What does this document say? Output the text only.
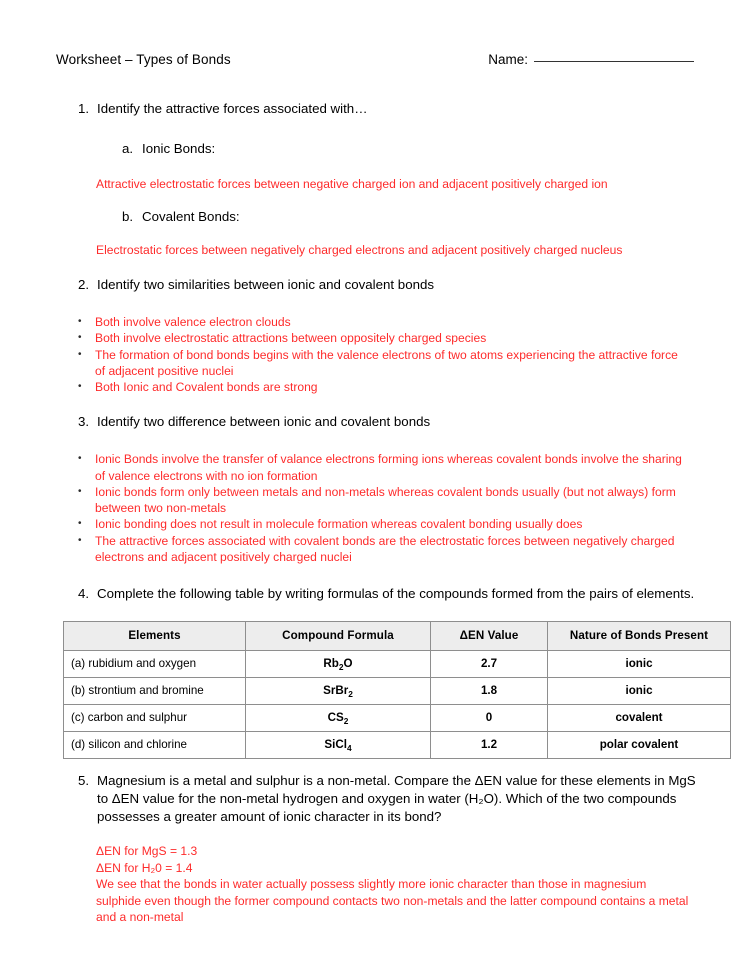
Worksheet – Types of Bonds	Name:
1. Identify the attractive forces associated with…
a. Ionic Bonds:
Attractive electrostatic forces between negative charged ion and adjacent positively charged ion
b. Covalent Bonds:
Electrostatic forces between negatively charged electrons and adjacent positively charged nucleus
2. Identify two similarities between ionic and covalent bonds
•	Both involve valence electron clouds
•	Both involve electrostatic attractions between oppositely charged species
•	The formation of bond bonds begins with the valence electrons of two atoms experiencing the attractive force of adjacent positive nuclei
•	Both Ionic and Covalent bonds are strong
3. Identify two difference between ionic and covalent bonds
•	Ionic Bonds involve the transfer of valance electrons forming ions whereas covalent bonds involve the sharing of valence electrons with no ion formation
•	Ionic bonds form only between metals and non-metals whereas covalent bonds usually (but not always) form between two non-metals
•	Ionic bonding does not result in molecule formation whereas covalent bonding usually does
•	The attractive forces associated with covalent bonds are the electrostatic forces between negatively charged electrons and adjacent positively charged nuclei
4. Complete the following table by writing formulas of the compounds formed from the pairs of elements.
Elements	Compound Formula	ΔEN Value	Nature of Bonds Present
(a) rubidium and oxygen	$Rb_2O$	2.7	ionic
(b) strontium and bromine	SrBr$_2$	1.8	ionic
(c) carbon and sulphur	$CS_2$	0	covalent
(d) silicon and chlorine	SiCl$_4$	1.2	polar covalent
5. Magnesium is a metal and sulphur is a non-metal. Compare the ΔEN value for these elements in MgS to ΔEN value for the non-metal hydrogen and oxygen in water (H₂O). Which of the two compounds possesses a greater amount of ionic character in its bond?
ΔEN for MgS = 1.3
ΔEN for H₂0 = 1.4
We see that the bonds in water actually possess slightly more ionic character than those in magnesium sulphide even though the former compound contacts two non-metals and the latter compound contains a metal and a non-metal
